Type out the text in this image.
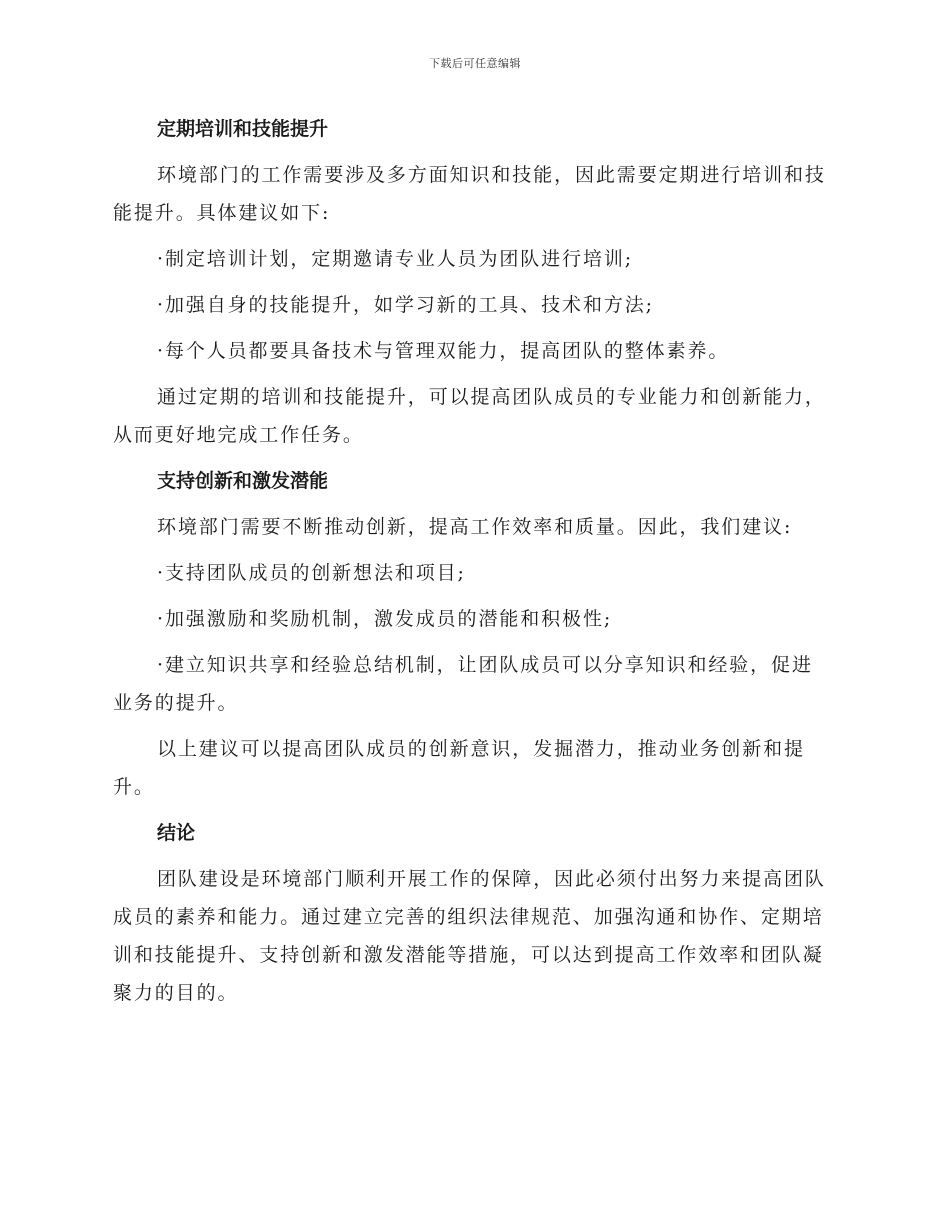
下载后可任意编辑
定期培训和技能提升

环境部门的工作需要涉及多方面知识和技能，因此需要定期进行培训和技能提升。具体建议如下:

·制定培训计划，定期邀请专业人员为团队进行培训;

·加强自身的技能提升，如学习新的工具、技术和方法;

·每个人员都要具备技术与管理双能力，提高团队的整体素养。

通过定期的培训和技能提升，可以提高团队成员的专业能力和创新能力，从而更好地完成工作任务。

支持创新和激发潜能

环境部门需要不断推动创新，提高工作效率和质量。因此，我们建议:

·支持团队成员的创新想法和项目;

·加强激励和奖励机制，激发成员的潜能和积极性;

·建立知识共享和经验总结机制，让团队成员可以分享知识和经验，促进业务的提升。

以上建议可以提高团队成员的创新意识，发掘潜力，推动业务创新和提升。

结论

团队建设是环境部门顺利开展工作的保障，因此必须付出努力来提高团队成员的素养和能力。通过建立完善的组织法律规范、加强沟通和协作、定期培训和技能提升、支持创新和激发潜能等措施，可以达到提高工作效率和团队凝聚力的目的。
